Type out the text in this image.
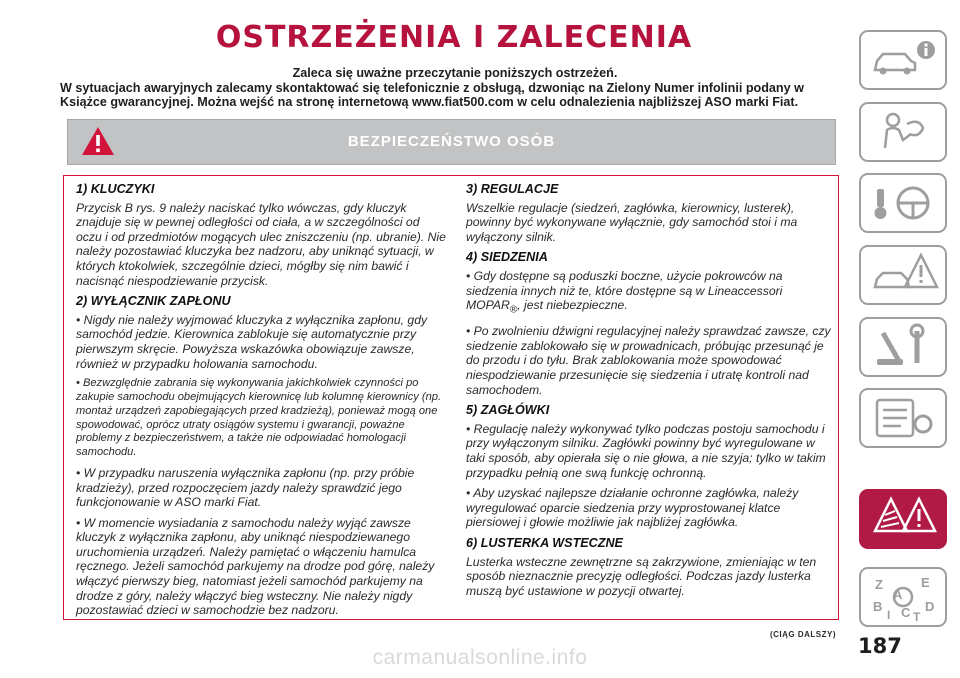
OSTRZEŻENIA I ZALECENIA
Zaleca się uważne przeczytanie poniższych ostrzeżeń.
W sytuacjach awaryjnych zalecamy skontaktować się telefonicznie z obsługą, dzwoniąc na Zielony Numer infolinii podany w Książce gwarancyjnej. Można wejść na stronę internetową www.fiat500.com w celu odnalezienia najbliższej ASO marki Fiat.
BEZPIECZEŃSTWO OSÓB
1) KLUCZYKI

Przycisk B rys. 9 należy naciskać tylko wówczas, gdy kluczyk znajduje się w pewnej odległości od ciała, a w szczególności od oczu i od przedmiotów mogących ulec zniszczeniu (np. ubranie). Nie należy pozostawiać kluczyka bez nadzoru, aby uniknąć sytuacji, w których ktokolwiek, szczególnie dzieci, mógłby się nim bawić i nacisnąć niespodziewanie przycisk.

2) WYŁĄCZNIK ZAPŁONU

• Nigdy nie należy wyjmować kluczyka z wyłącznika zapłonu, gdy samochód jedzie. Kierownica zablokuje się automatycznie przy pierwszym skręcie. Powyższa wskazówka obowiązuje zawsze, również w przypadku holowania samochodu.

• Bezwzględnie zabrania się wykonywania jakichkolwiek czynności po zakupie samochodu obejmujących kierownicę lub kolumnę kierownicy (np. montaż urządzeń zapobiegających przed kradzieżą), ponieważ mogą one spowodować, oprócz utraty osiągów systemu i gwarancji, poważne problemy z bezpieczeństwem, a także nie odpowiadać homologacji samochodu.

• W przypadku naruszenia wyłącznika zapłonu (np. przy próbie kradzieży), przed rozpoczęciem jazdy należy sprawdzić jego funkcjonowanie w ASO marki Fiat.

• W momencie wysiadania z samochodu należy wyjąć zawsze kluczyk z wyłącznika zapłonu, aby uniknąć niespodziewanego uruchomienia urządzeń. Należy pamiętać o włączeniu hamulca ręcznego. Jeżeli samochód parkujemy na drodze pod górę, należy włączyć pierwszy bieg, natomiast jeżeli samochód parkujemy na drodze z góry, należy włączyć bieg wsteczny. Nie należy nigdy pozostawiać dzieci w samochodzie bez nadzoru.

3) REGULACJE

Wszelkie regulacje (siedzeń, zagłówka, kierownicy, lusterek), powinny być wykonywane wyłącznie, gdy samochód stoi i ma wyłączony silnik.

4) SIEDZENIA

• Gdy dostępne są poduszki boczne, użycie pokrowców na siedzenia innych niż te, które dostępne są w Lineaccessori $MOPAR_®$, jest niebezpieczne.

• Po zwolnieniu dźwigni regulacyjnej należy sprawdzać zawsze, czy siedzenie zablokowało się w prowadnicach, próbując przesunąć je do przodu i do tyłu. Brak zablokowania może spowodować niespodziewanie przesunięcie się siedzenia i utratę kontroli nad samochodem.

5) ZAGŁÓWKI

• Regulację należy wykonywać tylko podczas postoju samochodu i przy wyłączonym silniku. Zagłówki powinny być wyregulowane w taki sposób, aby opierała się o nie głowa, a nie szyja; tylko w takim przypadku pełnią one swą funkcję ochronną.

• Aby uzyskać najlepsze działanie ochronne zagłówka, należy wyregulować oparcie siedzenia przy wyprostowanej klatce piersiowej i głowie możliwie jak najbliżej zagłówka.

6) LUSTERKA WSTECZNE

Lusterka wsteczne zewnętrzne są zakrzywione, zmieniając w ten sposób nieznacznie precyzję odległości. Podczas jazdy lusterka muszą być ustawione w pozycji otwartej.

(CIĄG DALSZY) 187
Z	E
B
A
D
I C T
carmanualsonline.info
